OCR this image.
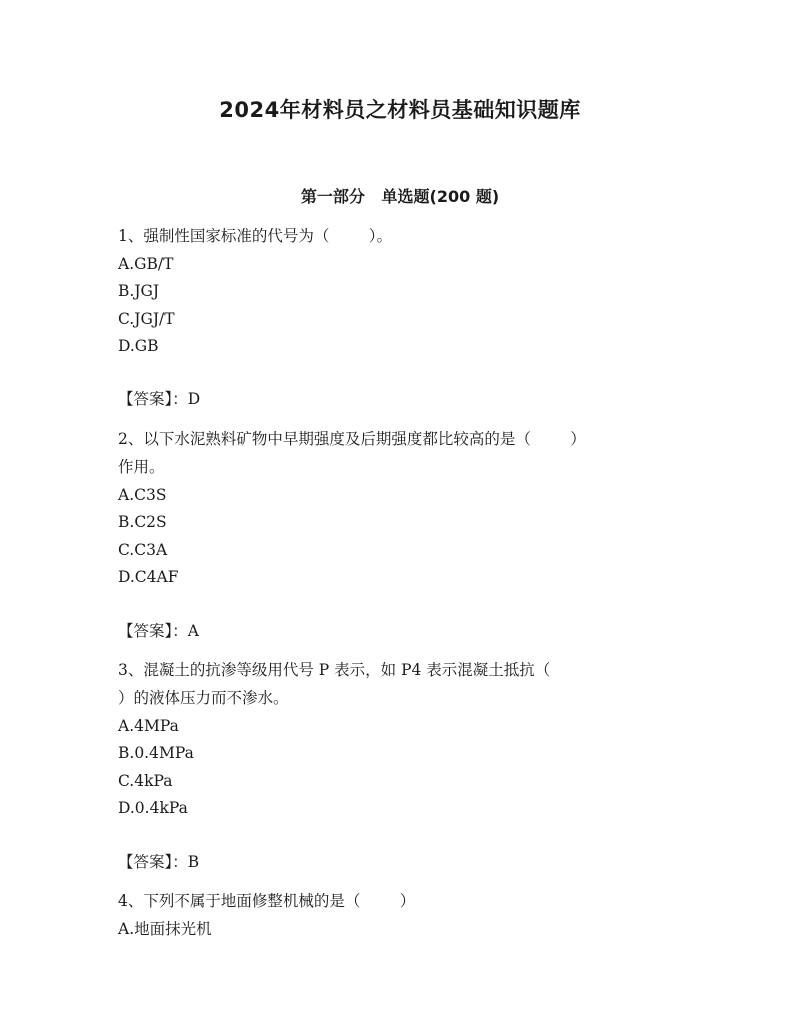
2024年材料员之材料员基础知识题库
第一部分   单选题(200 题)
1、强制性国家标准的代号为（        ）。
A.GB/T
B.JGJ
C.JGJ/T
D.GB
【答案】：D
2、以下水泥熟料矿物中早期强度及后期强度都比较高的是（        ）
作用。
A.C3S
B.C2S
C.C3A
D.C4AF
【答案】：A
3、混凝土的抗渗等级用代号 P 表示，如 P4 表示混凝土抵抗（
）的液体压力而不渗水。
A.4MPa
B.0.4MPa
C.4kPa
D.0.4kPa
【答案】：B
4、下列不属于地面修整机械的是（        ）
A.地面抹光机
